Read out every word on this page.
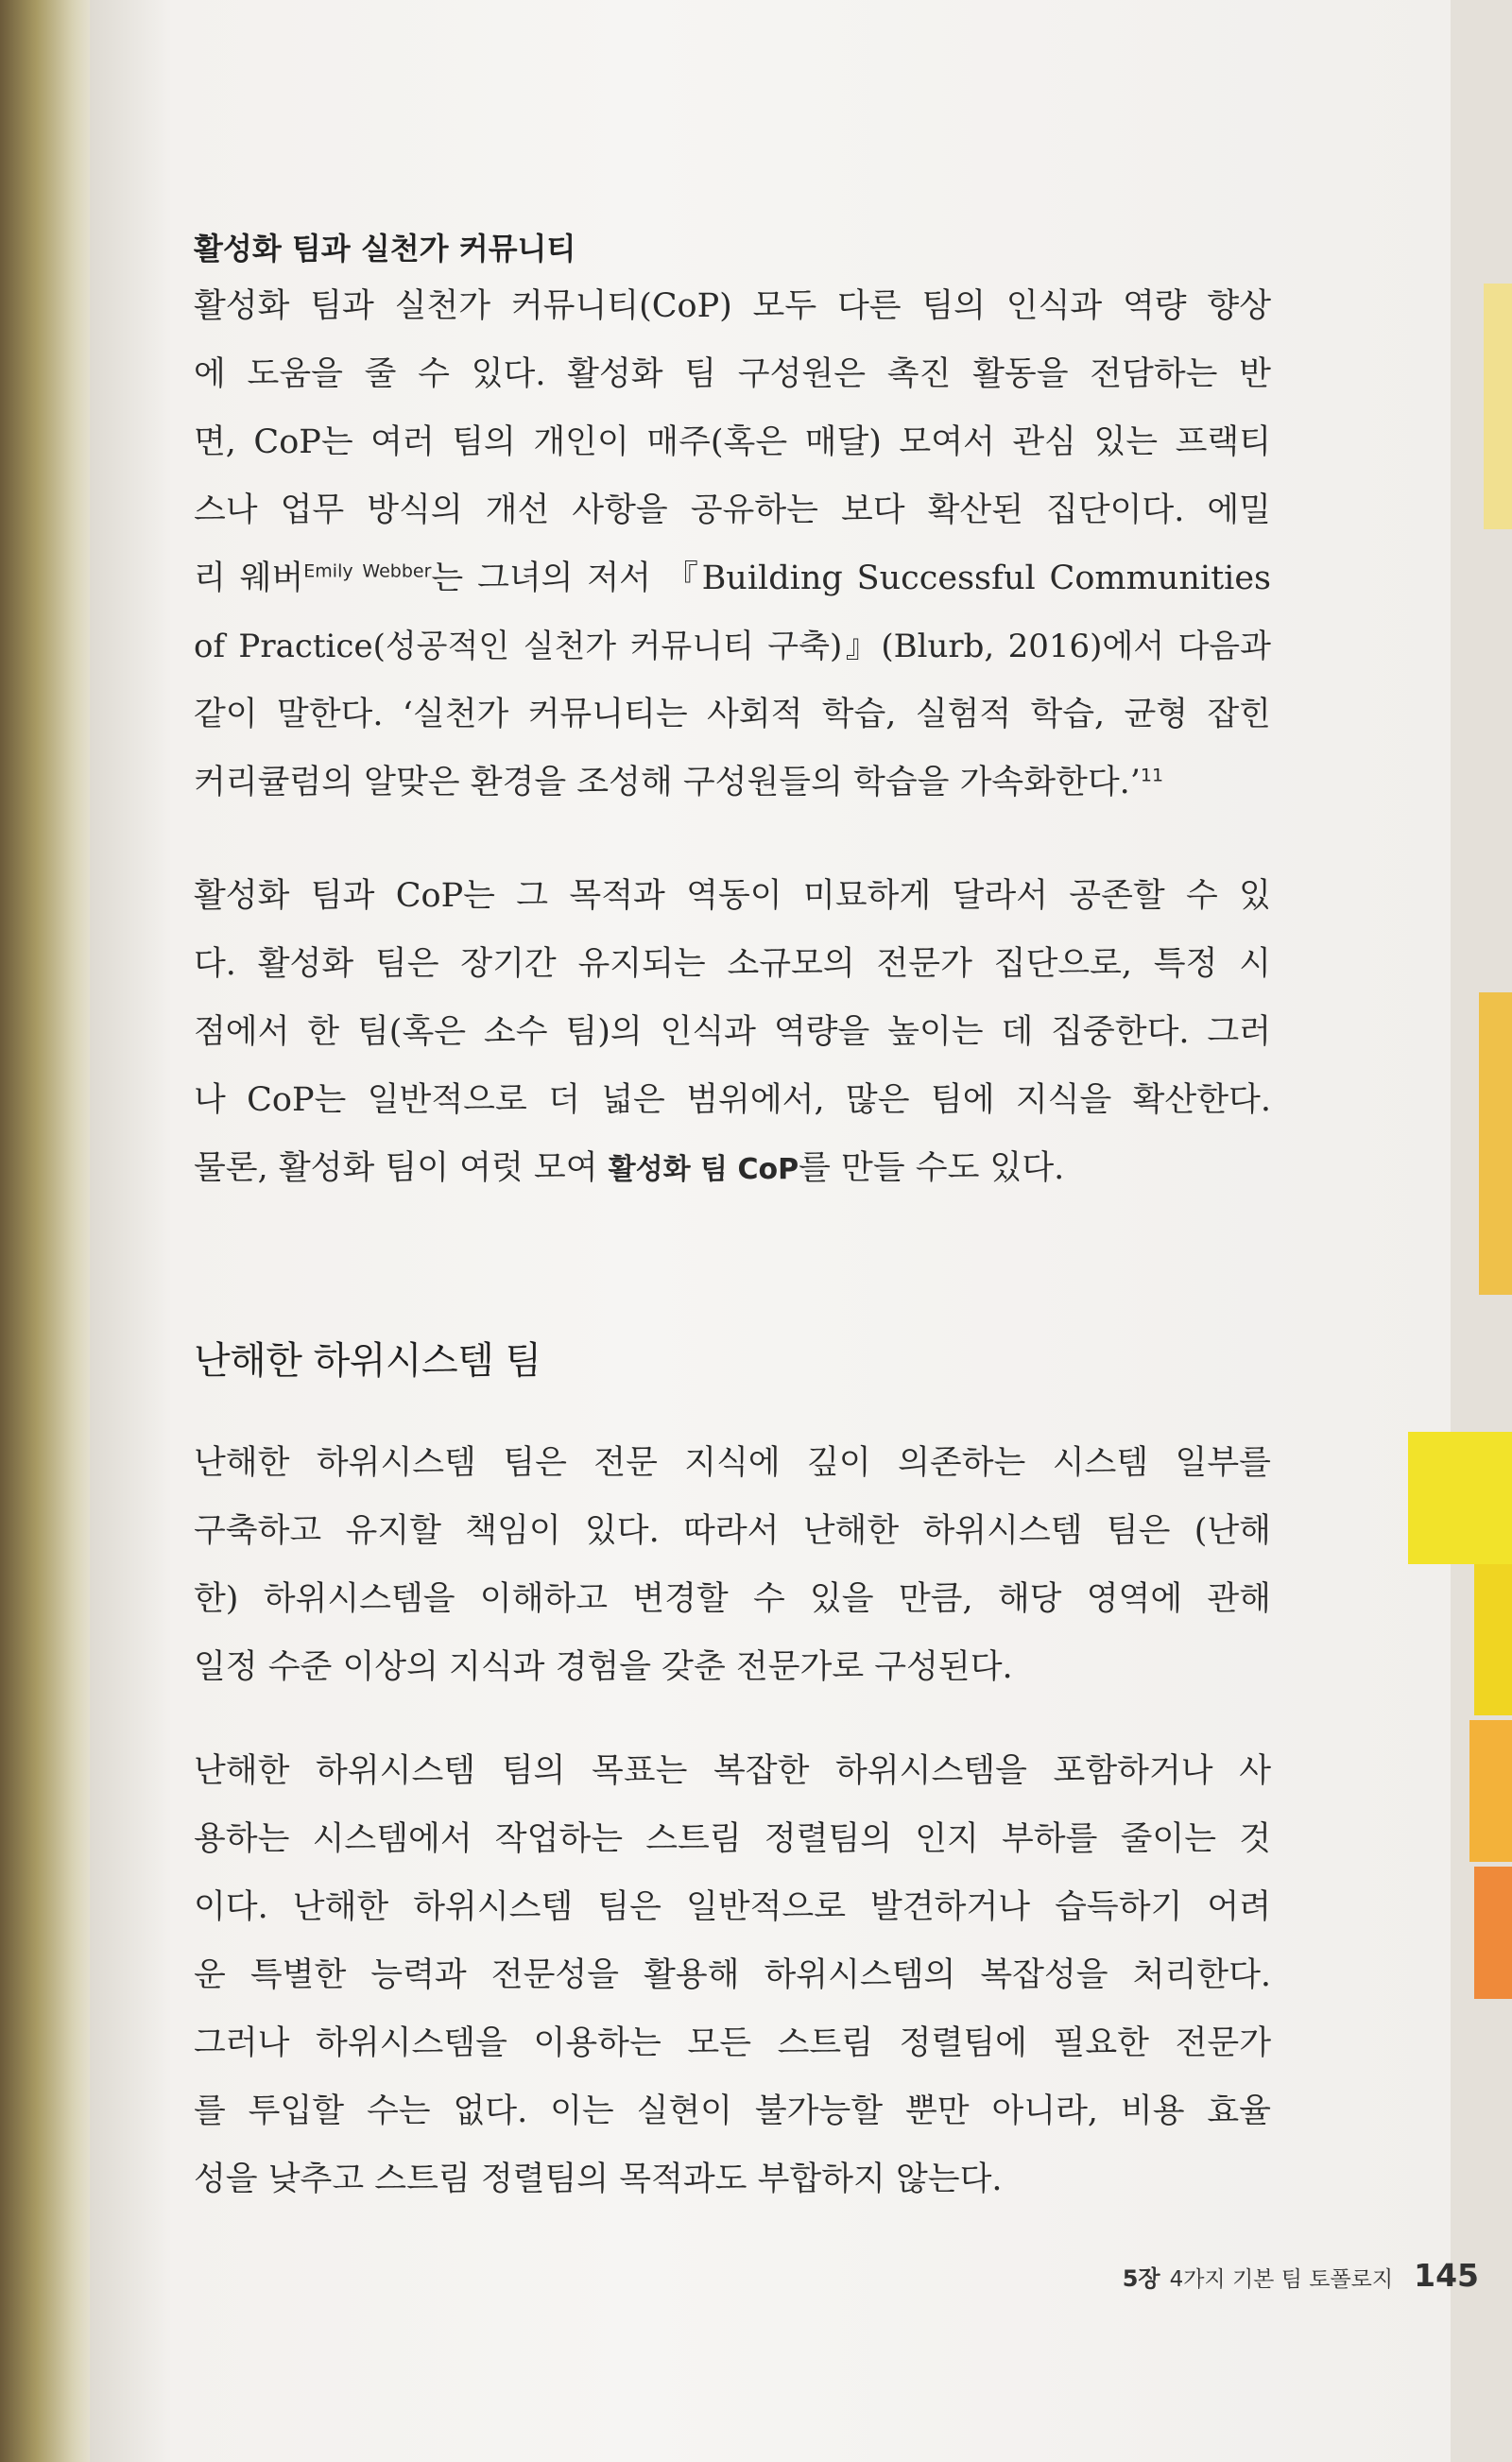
활성화 팀과 실천가 커뮤니티
활성화 팀과 실천가 커뮤니티(CoP) 모두 다른 팀의 인식과 역량 향상
에 도움을 줄 수 있다. 활성화 팀 구성원은 촉진 활동을 전담하는 반
면, CoP는 여러 팀의 개인이 매주(혹은 매달) 모여서 관심 있는 프랙티
스나 업무 방식의 개선 사항을 공유하는 보다 확산된 집단이다. 에밀
리 웨버$^{Emily Webber}$는 그녀의 저서 『Building Successful Communities
of Practice(성공적인 실천가 커뮤니티 구축)』(Blurb, 2016)에서 다음과
같이 말한다. ‘실천가 커뮤니티는 사회적 학습, 실험적 학습, 균형 잡힌
커리큘럼의 알맞은 환경을 조성해 구성원들의 학습을 가속화한다.’$^{11}$
활성화 팀과 CoP는 그 목적과 역동이 미묘하게 달라서 공존할 수 있
다. 활성화 팀은 장기간 유지되는 소규모의 전문가 집단으로, 특정 시
점에서 한 팀(혹은 소수 팀)의 인식과 역량을 높이는 데 집중한다. 그러
나 CoP는 일반적으로 더 넓은 범위에서, 많은 팀에 지식을 확산한다.
물론, 활성화 팀이 여럿 모여 활성화 팀 CoP를 만들 수도 있다.
난해한 하위시스템 팀
난해한 하위시스템 팀은 전문 지식에 깊이 의존하는 시스템 일부를
구축하고 유지할 책임이 있다. 따라서 난해한 하위시스템 팀은 (난해
한) 하위시스템을 이해하고 변경할 수 있을 만큼, 해당 영역에 관해
일정 수준 이상의 지식과 경험을 갖춘 전문가로 구성된다.
난해한 하위시스템 팀의 목표는 복잡한 하위시스템을 포함하거나 사
용하는 시스템에서 작업하는 스트림 정렬팀의 인지 부하를 줄이는 것
이다. 난해한 하위시스템 팀은 일반적으로 발견하거나 습득하기 어려
운 특별한 능력과 전문성을 활용해 하위시스템의 복잡성을 처리한다.
그러나 하위시스템을 이용하는 모든 스트림 정렬팀에 필요한 전문가
를 투입할 수는 없다. 이는 실현이 불가능할 뿐만 아니라, 비용 효율
성을 낮추고 스트림 정렬팀의 목적과도 부합하지 않는다.
5장 4가지 기본 팀 토폴로지 145
